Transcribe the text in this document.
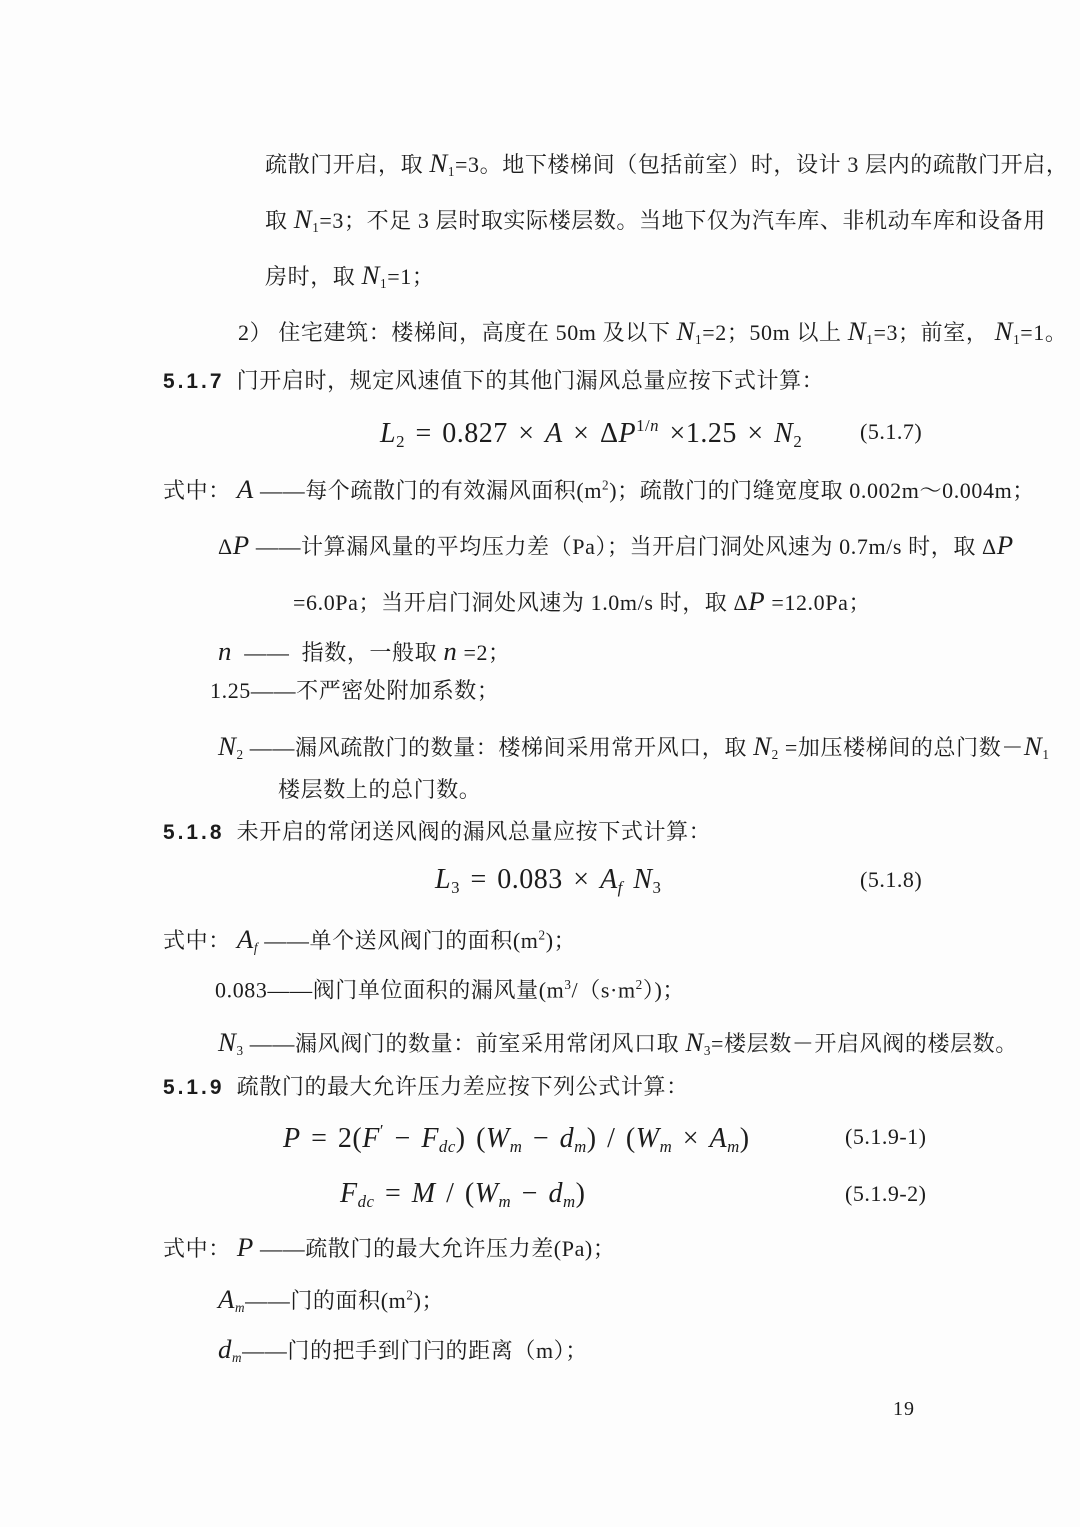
疏散门开启，取 N1=3。地下楼梯间（包括前室）时，设计 3 层内的疏散门开启，
取 N1=3；不足 3 层时取实际楼层数。当地下仅为汽车库、非机动车库和设备用
房时，取 N1=1；
2） 住宅建筑：楼梯间，高度在 50m 及以下 N1=2；50m 以上 N1=3；前室， N1=1。
5.1.7  门开启时，规定风速值下的其他门漏风总量应按下式计算：
$L2 = 0.827 \times A \times \Delta P^{1/n} \times 1.25 \times N2$	(5.1.7)
式中： A ——每个疏散门的有效漏风面积$(m^2)$；疏散门的门缝宽度取 0.002m～0.004m；
ΔP ——计算漏风量的平均压力差（Pa）；当开启门洞处风速为 0.7m/s 时，取 ΔP
=6.0Pa；当开启门洞处风速为 1.0m/s 时，取 ΔP =12.0Pa；
n  ——  指数，一般取 n =2；
1.25——不严密处附加系数；
N2 ——漏风疏散门的数量：楼梯间采用常开风口，取 N2 =加压楼梯间的总门数－N1
楼层数上的总门数。
5.1.8  未开启的常闭送风阀的漏风总量应按下式计算：
L3 = 0.083 × Af N3	(5.1.8)
式中： Af ——单个送风阀门的面积$(m^2)$；
0.083——阀门单位面积的漏风量$(m^3/(s\cdot m^2))$；
N3 ——漏风阀门的数量：前室采用常闭风口取 N3=楼层数－开启风阀的楼层数。
5.1.9  疏散门的最大允许压力差应按下列公式计算：
P = 2(F′ − Fdc) (Wm − dm) / (Wm × Am)	(5.1.9-1)
Fdc = M / (Wm − dm)	(5.1.9-2)
式中： P ——疏散门的最大允许压力差(Pa)；
Am——门的面积$(m^2)$；
dm——门的把手到门闩的距离（m）；
19
